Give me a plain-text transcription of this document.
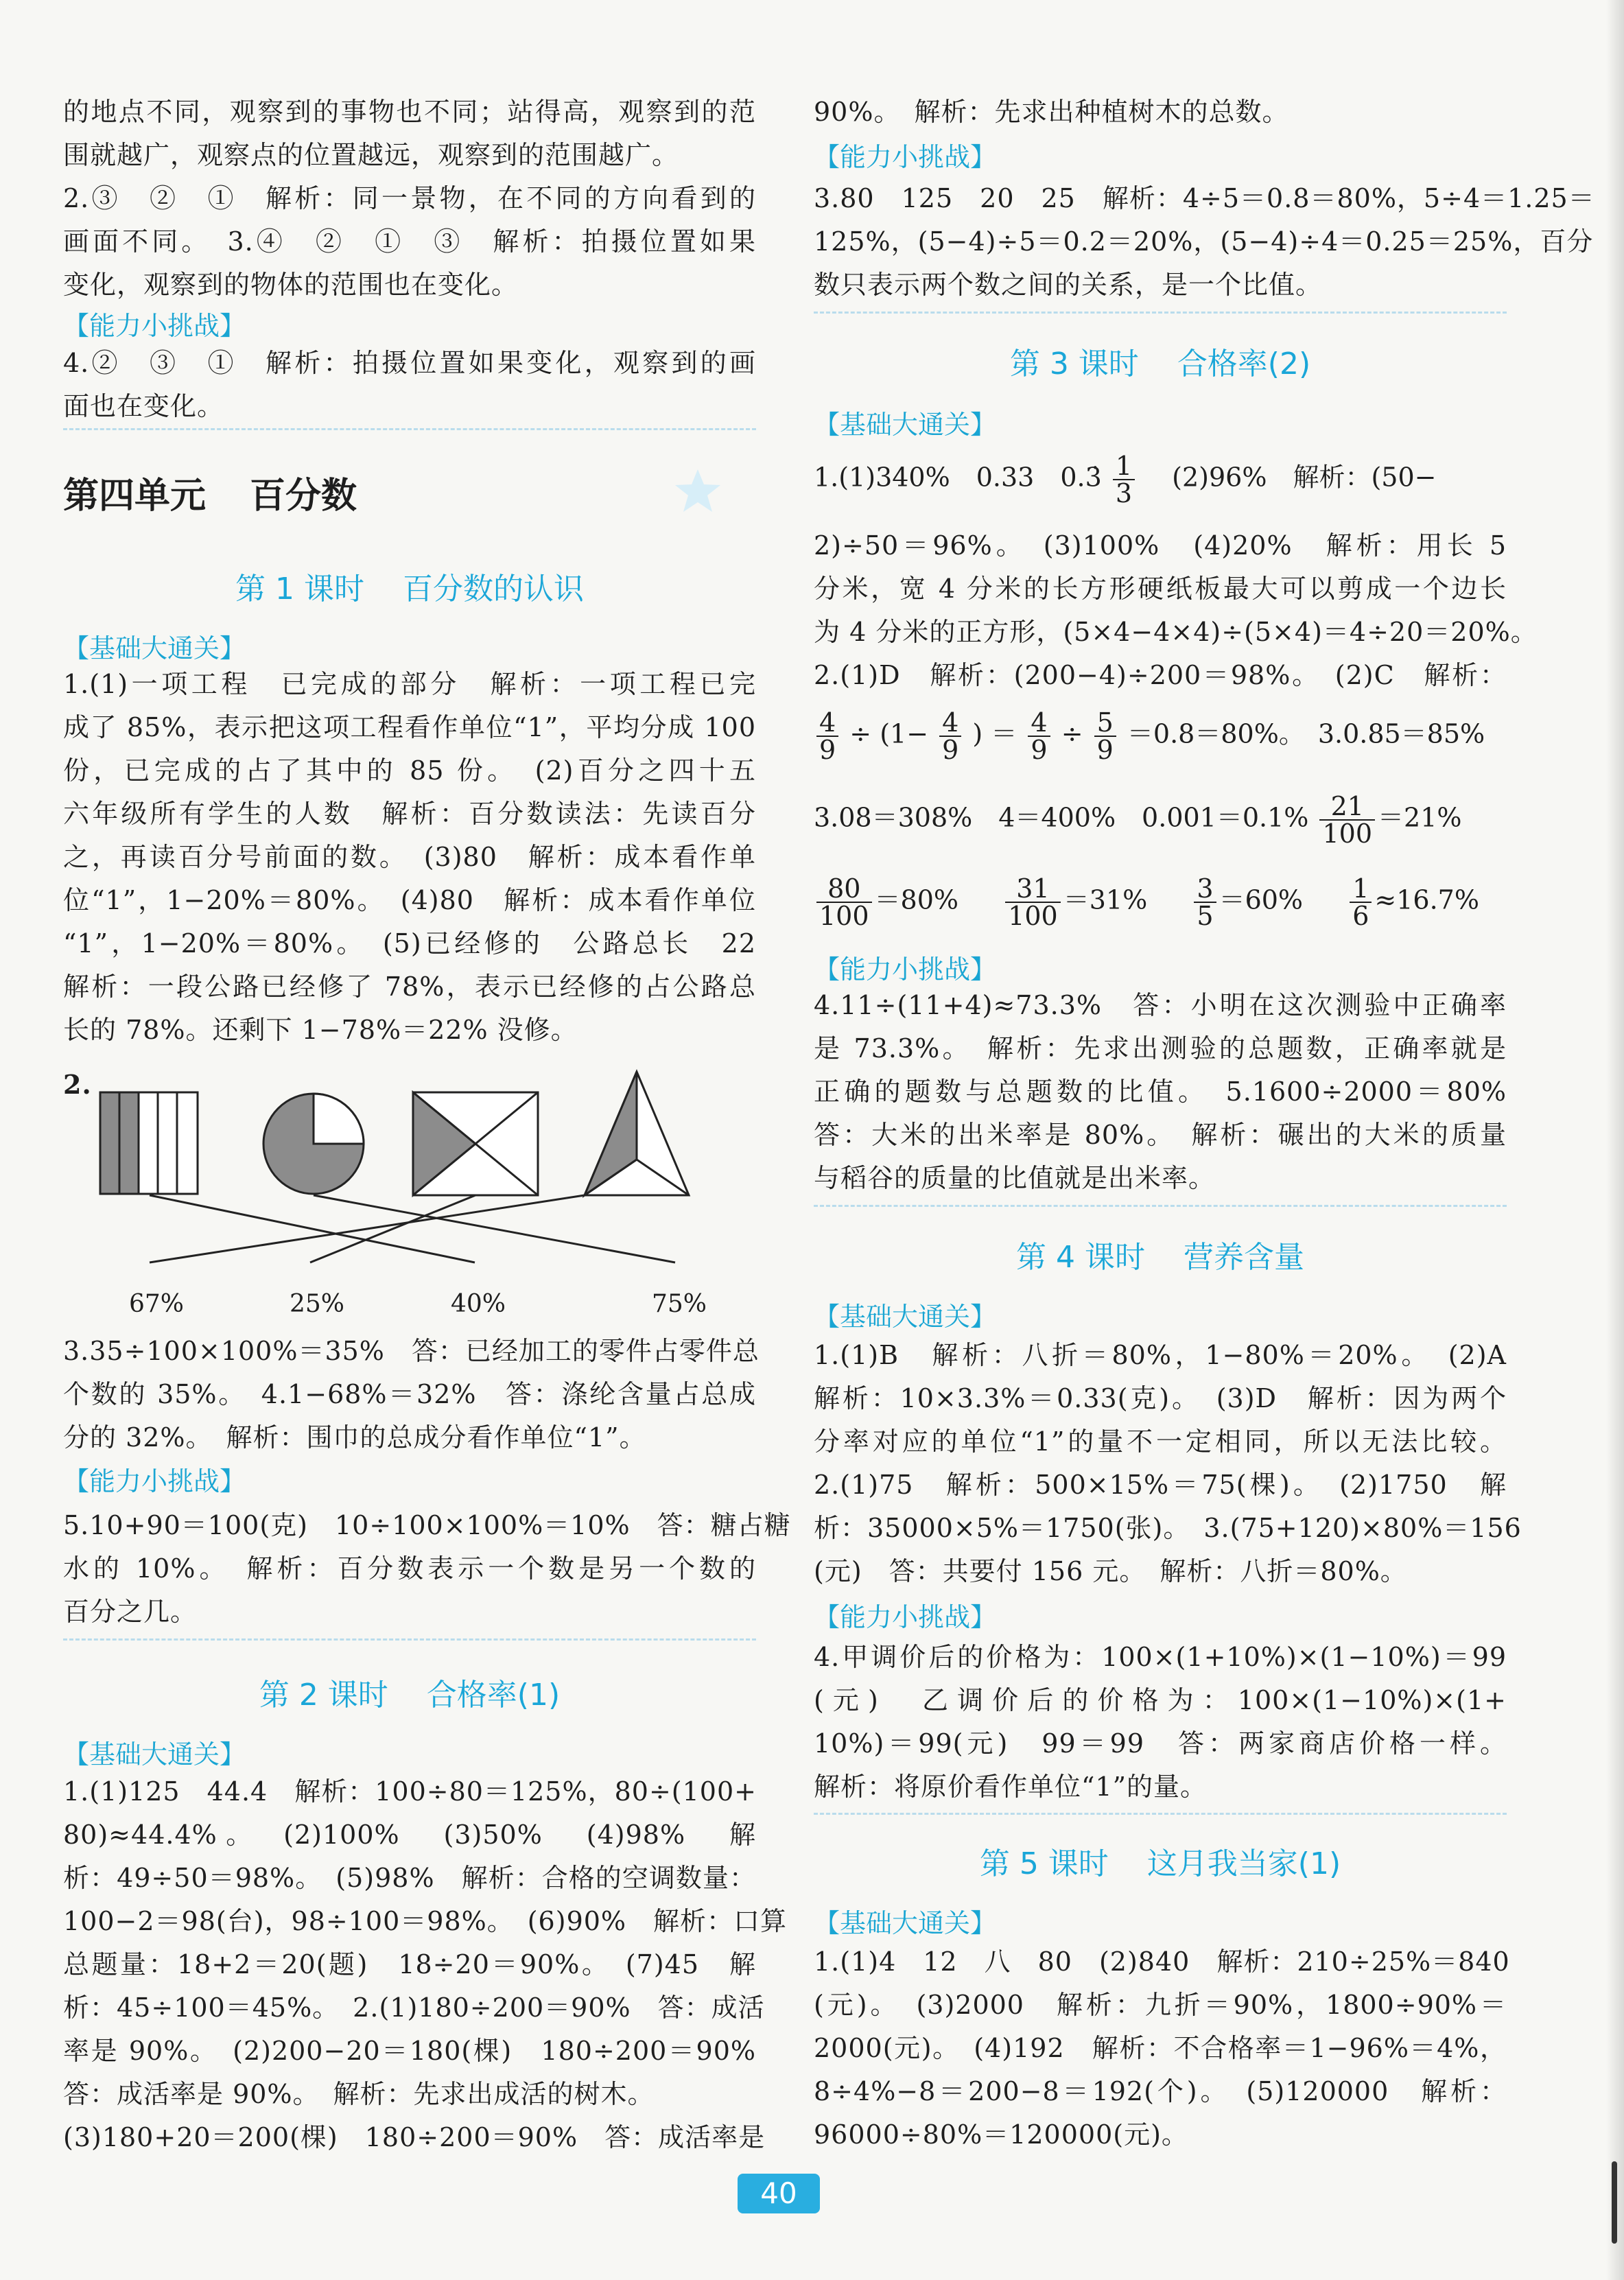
的地点不同，观察到的事物也不同；站得高，观察到的范
围就越广，观察点的位置越远，观察到的范围越广。
2.③　②　①　解析：同一景物，在不同的方向看到的
画面不同。　3.④　②　①　③　解析：拍摄位置如果
变化，观察到的物体的范围也在变化。
【能力小挑战】
4.②　③　①　解析：拍摄位置如果变化，观察到的画
面也在变化。
第四单元 百分数
第 1 课时 百分数的认识
【基础大通关】
1.(1)一项工程　已完成的部分　解析：一项工程已完
成了 85%，表示把这项工程看作单位“1”，平均分成 100
份，已完成的占了其中的 85 份。　(2)百分之四十五
六年级所有学生的人数　解析：百分数读法：先读百分
之，再读百分号前面的数。　(3)80　解析：成本看作单
位“1”，1−20%＝80%。　(4)80　解析：成本看作单位
“1”，1−20%＝80%。　(5)已经修的　公路总长　22
解析：一段公路已经修了 78%，表示已经修的占公路总
长的 78%。还剩下 1−78%＝22% 没修。
2.
67%	25%	40%	75%
3.35÷100×100%＝35%　答：已经加工的零件占零件总
个数的 35%。　4.1−68%＝32%　答：涤纶含量占总成
分的 32%。　解析：围巾的总成分看作单位“1”。
【能力小挑战】
5.10+90＝100(克)　10÷100×100%＝10%　答：糖占糖
水的 10%。　解析：百分数表示一个数是另一个数的
百分之几。
第 2 课时 合格率(1)
【基础大通关】
1.(1)125　44.4　解析：100÷80＝125%，80÷(100+
80)≈44.4%。　(2)100%　(3)50%　(4)98%　解
析：49÷50＝98%。　(5)98%　解析：合格的空调数量：
100−2＝98(台)，98÷100＝98%。　(6)90%　解析：口算
总题量：18+2＝20(题)　18÷20＝90%。　(7)45　解
析：45÷100＝45%。　2.(1)180÷200＝90%　答：成活
率是 90%。　(2)200−20＝180(棵)　180÷200＝90%
答：成活率是 90%。　解析：先求出成活的树木。
(3)180+20＝200(棵)　180÷200＝90%　答：成活率是
90%。　解析：先求出种植树木的总数。
【能力小挑战】
3.80　125　20　25　解析：4÷5＝0.8＝80%，5÷4＝1.25＝
125%，(5−4)÷5＝0.2＝20%，(5−4)÷4＝0.25＝25%，百分
数只表示两个数之间的关系，是一个比值。
第 3 课时 合格率(2)
【基础大通关】
1.(1)340%　0.33　0.3̇ $\frac{1}{3}$ 　(2)96%　解析：(50−
2)÷50＝96%。　(3)100%　(4)20%　解析：用长 5
分米，宽 4 分米的长方形硬纸板最大可以剪成一个边长
为 4 分米的正方形，(5×4−4×4)÷(5×4)＝4÷20＝20%。
2.(1)D　解析：(200−4)÷200＝98%。　(2)C　解析：
$\frac{4}{9} \div (1- \frac{4}{9}$ ) ＝ $\frac{4}{9} \div \frac{5}{9} =0.8=80\%$。　3.0.85＝85%
3.08＝308%　4＝400%　$0.001=0.1\% \frac{21}{100} =21\%$
$\frac{80}{100} =80\% \frac{31}{100} =31\% \frac{3}{5} =60\% \frac{1}{6} \approx 16.7\%$
【能力小挑战】
4.11÷(11+4)≈73.3%　答：小明在这次测验中正确率
是 73.3%。　解析：先求出测验的总题数，正确率就是
正确的题数与总题数的比值。　5.1600÷2000＝80%
答：大米的出米率是 80%。　解析：碾出的大米的质量
与稻谷的质量的比值就是出米率。
第 4 课时 营养含量
【基础大通关】
1.(1)B　解析：八折＝80%，1−80%＝20%。　(2)A
解析：10×3.3%＝0.33(克)。　(3)D　解析：因为两个
分率对应的单位“1”的量不一定相同，所以无法比较。
2.(1)75　解析：500×15%＝75(棵)。　(2)1750　解
析：35000×5%＝1750(张)。　3.(75+120)×80%＝156
(元)　答：共要付 156 元。　解析：八折＝80%。
【能力小挑战】
4.甲调价后的价格为：100×(1+10%)×(1−10%)＝99
(元)　乙调价后的价格为：100×(1−10%)×(1+
10%)＝99(元)　99＝99　答：两家商店价格一样。
解析：将原价看作单位“1”的量。
第 5 课时 这月我当家(1)
【基础大通关】
1.(1)4　12　八　80　(2)840　解析：210÷25%＝840
(元)。　(3)2000　解析：九折＝90%，1800÷90%＝
2000(元)。　(4)192　解析：不合格率＝1−96%＝4%，
8÷4%−8＝200−8＝192(个)。　(5)120000　解析：
96000÷80%＝120000(元)。
40
